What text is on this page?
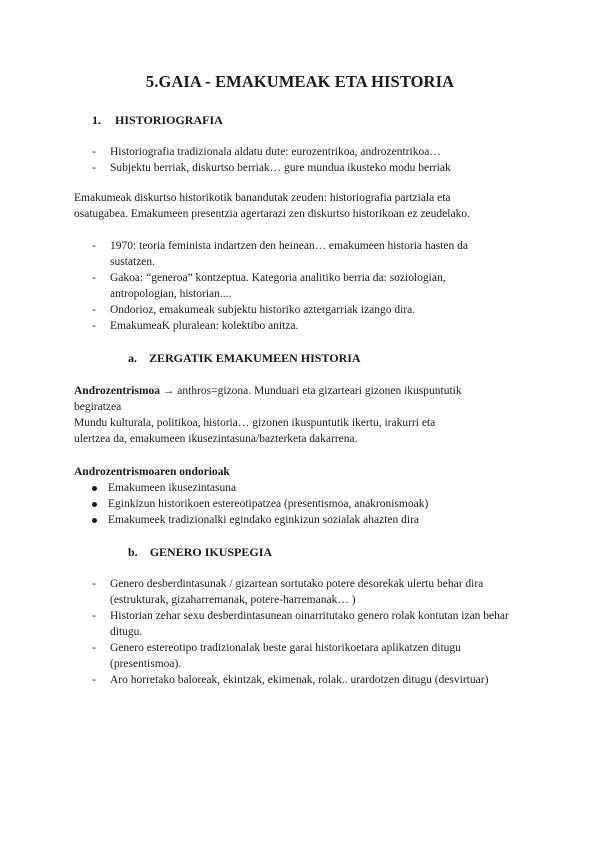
5.GAIA - EMAKUMEAK ETA HISTORIA
1. HISTORIOGRAFIA
- Historiografia tradizionala aldatu dute: eurozentrikoa, androzentrikoa…
- Subjektu berriak, diskurtso berriak… gure mundua ikusteko modu berriak
Emakumeak diskurtso historikotik banandutak zeuden: historiografia partziala eta osatugabea. Emakumeen presentzia agertarazi zen diskurtso historikoan ez zeudelako.
- 1970: teoria feminista indartzen den heinean… emakumeen historia hasten da sustatzen.
- Gakoa: “generoa” kontzeptua. Kategoria analitiko berria da: soziologian, antropologian, historian....
- Ondorioz, emakumeak subjektu historiko aztergarriak izango dira.
- EmakumeaK pluralean: kolektibo anitza.
a. ZERGATIK EMAKUMEEN HISTORIA
Androzentrismoa → anthros=gizona. Munduari eta gizarteari gizonen ikuspuntutik begiratzea
Mundu kulturala, politikoa, historia… gizonen ikuspuntutik ikertu, irakurri eta ulertzea da, emakumeen ikusezintasuna/bazterketa dakarrena.
Androzentrismoaren ondorioak
Emakumeen ikusezintasuna
Eginkizun historikoen estereotipatzea (presentismoa, anakronismoak)
Emakumeek tradizionalki egindako eginkizun sozialak ahazten dira
b. GENERO IKUSPEGIA
- Genero desberdintasunak / gizartean sortutako potere desorekak ulertu behar dira (estrukturak, gizaharremanak, potere-harremanak… )
- Historian zehar sexu desberdintasunean oinarritutako genero rolak kontutan izan behar ditugu.
- Genero estereotipo tradizionalak beste garai historikoetara aplikatzen ditugu (presentismoa).
- Aro horretako baloreak, ekintzak, ekimenak, rolak.. urardotzen ditugu (desvirtuar)
